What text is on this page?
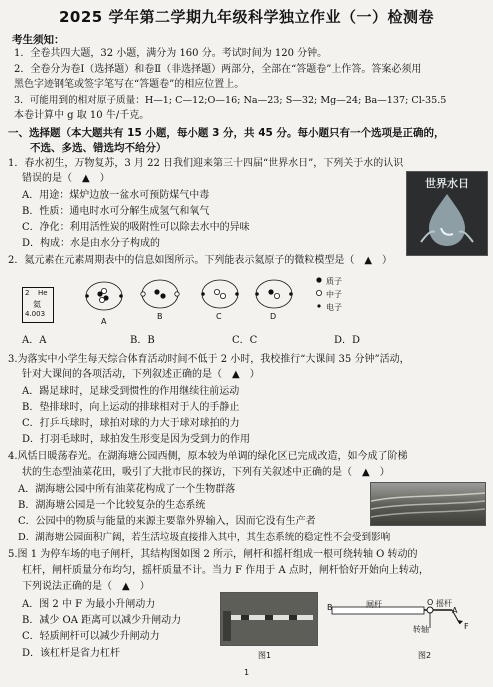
2025 学年第二学期九年级科学独立作业（一）检测卷
考生须知：
1．全卷共四大题，32 小题，满分为 160 分。考试时间为 120 分钟。
2．全卷分为卷Ⅰ（选择题）和卷Ⅱ（非选择题）两部分，全部在“答题卷”上作答。答案必须用
黑色字迹钢笔或签字笔写在“答题卷”的相应位置上。
3．可能用到的相对原子质量：H—1; C—12;O—16; Na—23; S—32; Mg—24; Ba—137; Cl-35.5
本卷计算中 g 取 10 牛/千克。
一、选择题（本大题共有 15 小题，每小题 3 分，共 45 分。每小题只有一个选项是正确的，
不选、多选、错选均不给分）
1．春水初生，万物复苏，3 月 22 日我们迎来第三十四届“世界水日”，下列关于水的认识
错误的是（　▲　）
A．用途：煤炉边放一盆水可预防煤气中毒
B．性质：通电时水可分解生成氢气和氧气
C．净化：利用活性炭的吸附性可以除去水中的异味
D．构成：水是由水分子构成的
世界水日
2．氦元素在元素周期表中的信息如图所示。下列能表示氦原子的微粒模型是（　▲　）
2 He
氦
4.003
质子
中子
电子
A
B	C	D
A．A	B．B	C．C	D．D
3.为落实中小学生每天综合体育活动时间不低于 2 小时，我校推行“大课间 35 分钟”活动，
针对大课间的各项活动，下列叙述正确的是（　▲　）
A．踢足球时，足球受到惯性的作用继续往前运动
B．垫排球时，向上运动的排球相对于人的手静止
C．打乒乓球时，球拍对球的力大于球对球拍的力
D．打羽毛球时，球拍发生形变是因为受到力的作用
4.风恬日暖荡春光。在湖海塘公园西侧，原本较为单调的绿化区已完成改造，如今成了阶梯
状的生态型油菜花田，吸引了大批市民的探访，下列有关叙述中正确的是（　▲　）
A．湖海塘公园中所有油菜花构成了一个生物群落
B．湖海塘公园是一个比较复杂的生态系统
C．公园中的物质与能量的来源主要靠外界输入，因而它没有生产者
D．湖海塘公园面积广阔，若生活垃圾直接排入其中，其生态系统的稳定性不会受到影响
5.图 1 为停车场的电子闸杆，其结构图如图 2 所示，闸杆和摇杆组成一根可绕转轴 O 转动的
杠杆，闸杆质量分布均匀，摇杆质量不计。当力 F 作用于 A 点时，闸杆恰好开始向上转动，
下列说法正确的是（　▲　）
A．图 2 中 F 为最小升闸动力
B．减少 OA 距离可以减少升闸动力
C．轻质闸杆可以减少升闸动力
D．该杠杆是省力杠杆	图1
B	闸杆	O 摇杆
A
转轴	F
图2
1
